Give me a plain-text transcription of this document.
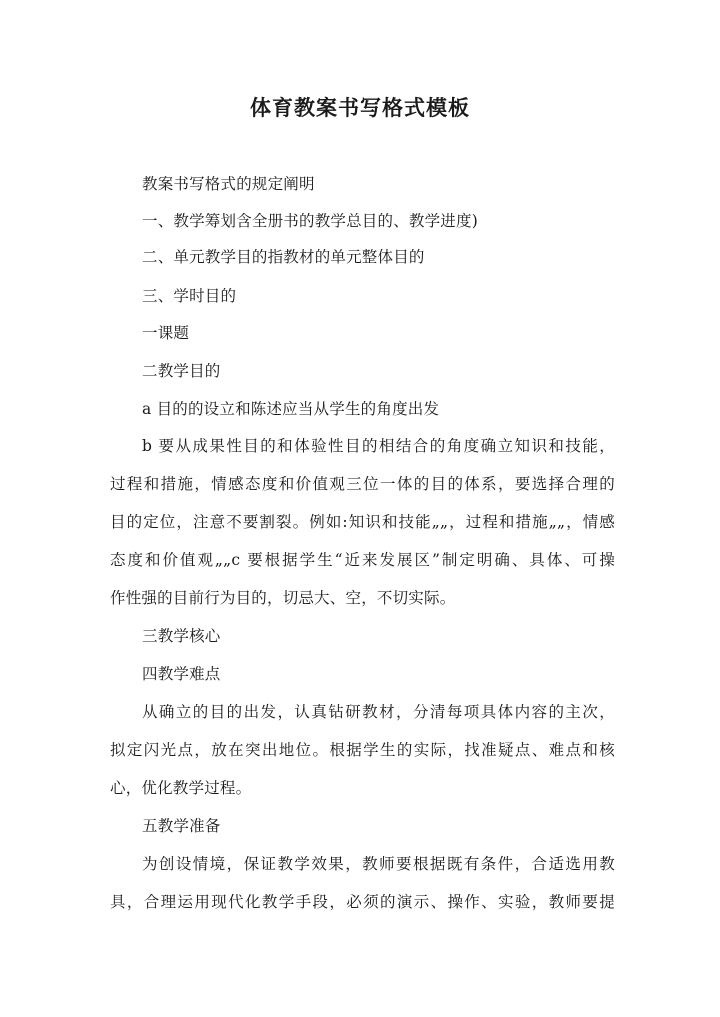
体育教案书写格式模板
教案书写格式的规定阐明
一、教学筹划含全册书的教学总目的、教学进度)
二、单元教学目的指教材的单元整体目的
三、学时目的
一课题
二教学目的
a 目的的设立和陈述应当从学生的角度出发
b 要从成果性目的和体验性目的相结合的角度确立知识和技能，
过程和措施，情感态度和价值观三位一体的目的体系，要选择合理的
目的定位，注意不要割裂。例如:知识和技能„„，过程和措施„„，情感
态度和价值观„„c 要根据学生“近来发展区”制定明确、具体、可操
作性强的目前行为目的，切忌大、空，不切实际。
三教学核心
四教学难点
从确立的目的出发，认真钻研教材，分清每项具体内容的主次，
拟定闪光点，放在突出地位。根据学生的实际，找准疑点、难点和核
心，优化教学过程。
五教学准备
为创设情境，保证教学效果，教师要根据既有条件，合适选用教
具，合理运用现代化教学手段，必须的演示、操作、实验，教师要提
